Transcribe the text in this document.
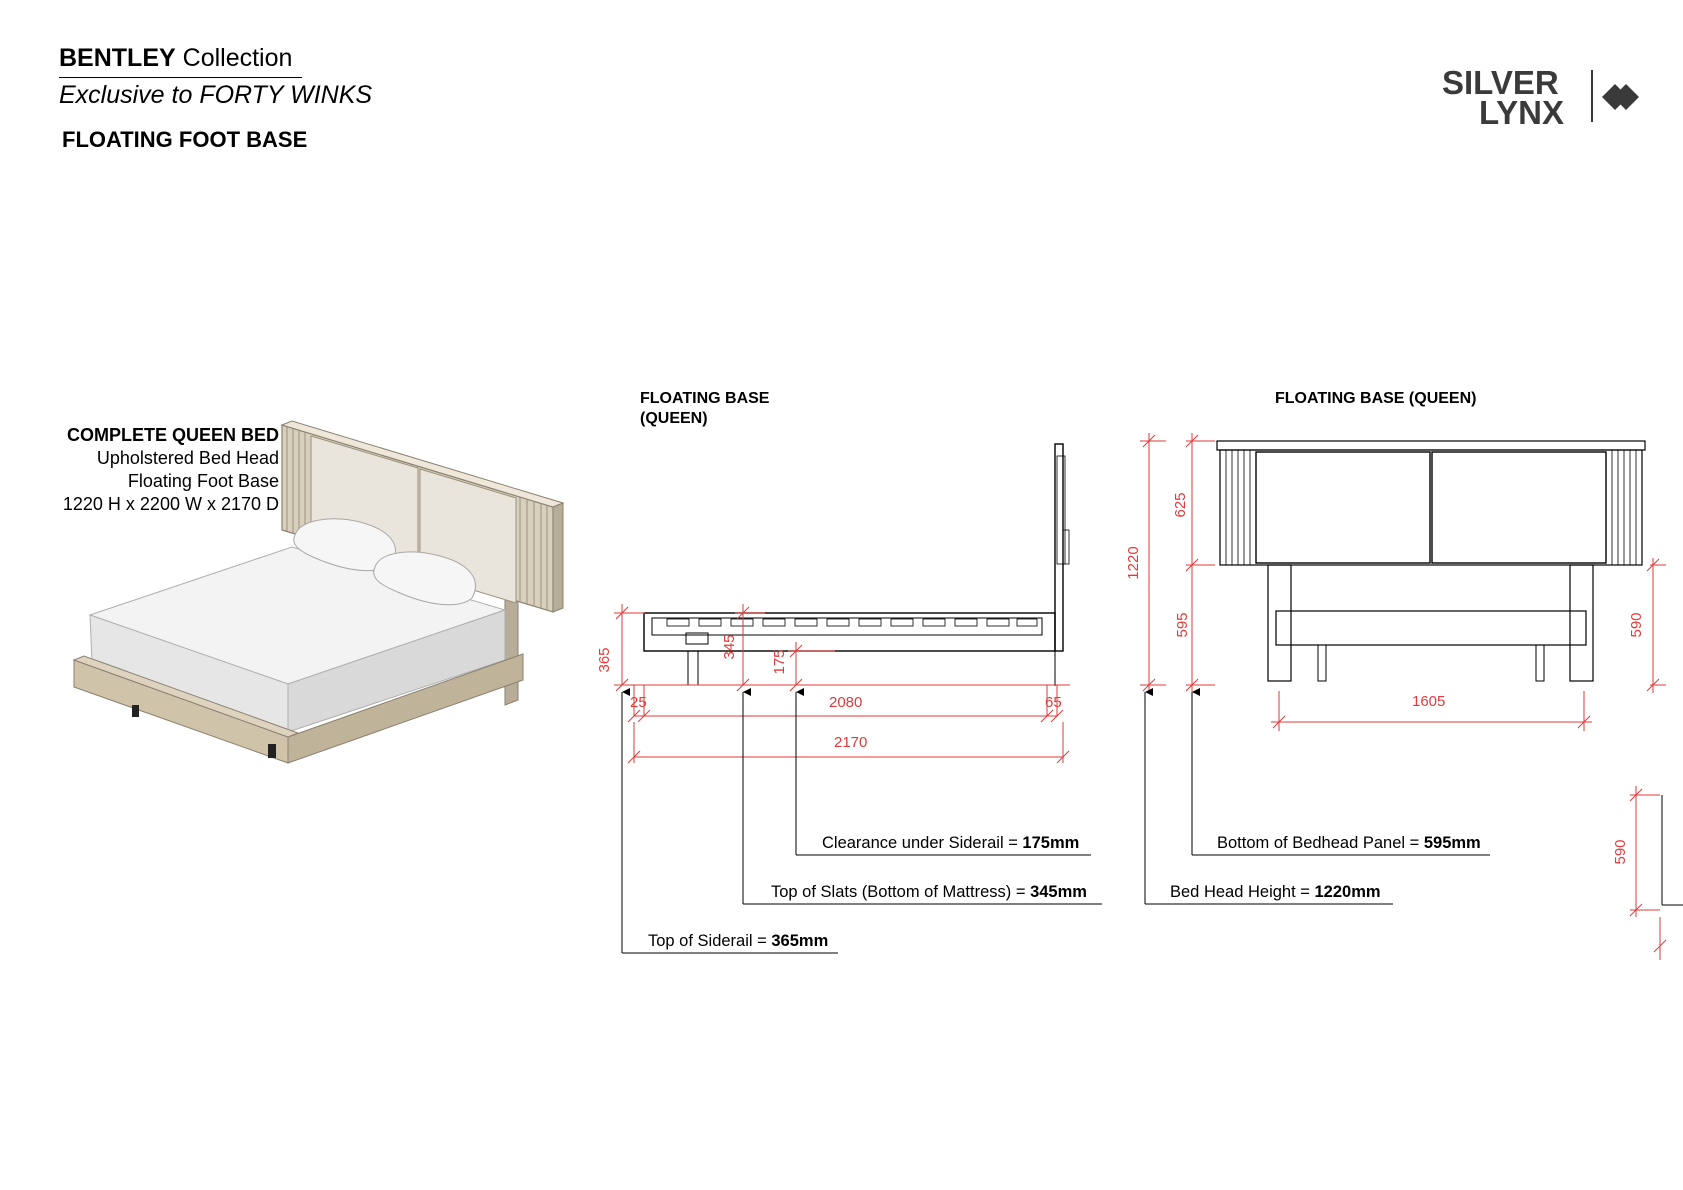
BENTLEY Collection
Exclusive to FORTY WINKS
FLOATING FOOT BASE
COMPLETE QUEEN BED
Upholstered Bed Head
Floating Foot Base
1220 H x 2200 W x 2170 D
SILVER
LYNX
FLOATING BASE
(QUEEN)
365
345
175
25	2080	65
2170
Clearance under Siderail = 175mm
Top of Slats (Bottom of Mattress) = 345mm
Top of Siderail = 365mm
FLOATING BASE (QUEEN)
625
1220
595	590
1605
590
Bottom of Bedhead Panel = 595mm
Bed Head Height = 1220mm
